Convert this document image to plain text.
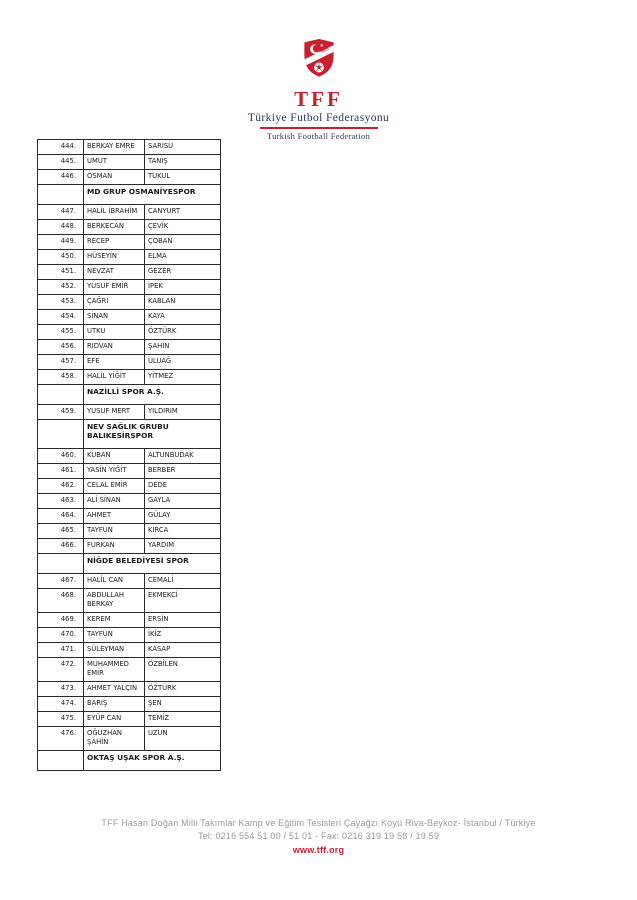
1923
TFF
Türkiye Futbol Federasyonu
Turkish Football Federation
444.	BERKAY EMRE	SARISU
445.	UMUT	TANIŞ
446.	OSMAN	TUKUL
	MD GRUP OSMANİYESPOR	
447.	HALİL İBRAHİM	CANYURT
448.	BERKECAN	ÇEVİK
449.	RECEP	ÇOBAN
450.	HÜSEYİN	ELMA
451.	NEVZAT	GEZER
452.	YUSUF EMİR	İPEK
453.	ÇAĞRI	KABLAN
454.	SİNAN	KAYA
455.	UTKU	ÖZTÜRK
456.	RIDVAN	ŞAHİN
457.	EFE	ULUAĞ
458.	HALİL YİĞİT	YİTMEZ
	NAZİLLİ SPOR A.Ş.	
459.	YUSUF MERT	YILDIRIM
	NEV SAĞLIK GRUBU BALIKESİRSPOR	
460.	KUBAN	ALTUNBUDAK
461.	YASİN YİĞİT	BERBER
462.	CELAL EMİR	DEDE
463.	ALİ SİNAN	GAYLA
464.	AHMET	GÜLAY
465.	TAYFUN	KIRCA
466.	FURKAN	YARDIM
	NİĞDE BELEDİYESİ SPOR	
467.	HALİL CAN	CEMALİ
468.	ABDULLAH BERKAY	EKMEKCİ
469.	KEREM	ERSİN
470.	TAYFUN	İKİZ
471.	SÜLEYMAN	KASAP
472.	MUHAMMED EMİR	ÖZBİLEN
473.	AHMET YALÇIN	ÖZTÜRK
474.	BARIŞ	ŞEN
475.	EYÜP CAN	TEMİZ
476.	OĞUZHAN ŞAHİN	UZUN
	OKTAŞ UŞAK SPOR A.Ş.	
TFF Hasan Doğan Milli Takımlar Kamp ve Eğitim Tesisleri Çayağzı Köyü Riva-Beykoz- İstanbul / Türkiye
Tel: 0216 554 51 00 / 51 01 - Fax: 0216 319 19 58 / 19 59
www.tff.org
